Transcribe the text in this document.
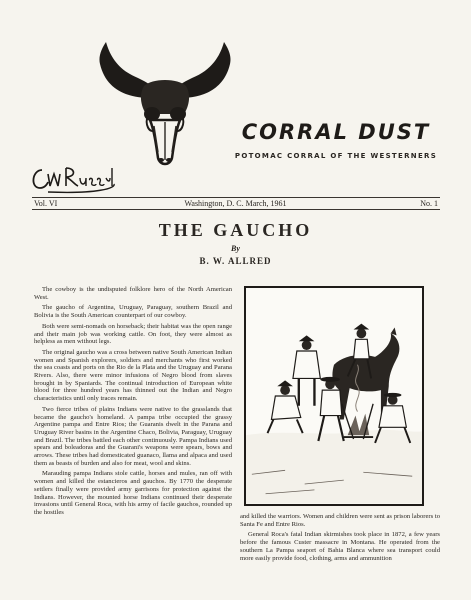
CORRAL DUST
POTOMAC CORRAL OF THE WESTERNERS
Vol. VI	Washington, D. C. March, 1961	No. 1
THE GAUCHO
By
B. W. ALLRED

The cowboy is the undisputed folklore hero of the North American West.

The gaucho of Argentina, Uruguay, Paraguay, southern Brazil and Bolivia is the South American counterpart of our cowboy.

Both were semi-nomads on horseback; their habitat was the open range and their main job was working cattle. On foot, they were almost as helpless as men without legs.

The original gaucho was a cross between native South American Indian women and Spanish explorers, soldiers and merchants who first worked the sea coasts and ports on the Rio de la Plata and the Uruguay and Parana Rivers. Also, there were minor infusions of Negro blood from slaves brought in by Spaniards. The continual introduction of European white blood for three hundred years has thinned out the Indian and Negro characteristics until only traces remain.

Two fierce tribes of plains Indians were native to the grasslands that became the gaucho's homeland. A pampa tribe occupied the grassy Argentine pampa and Entre Rios; the Guaranis dwelt in the Parana and Uruguay River basins in the Argentine Chaco, Bolivia, Paraguay, Uruguay and Brazil. The tribes battled each other continuously. Pampa Indians used spears and boleadoras and the Guarani's weapons were spears, bows and arrows. These tribes had domesticated guanaco, llama and alpaca and used them as beasts of burden and also for meat, wool and skins.

Marauding pampa Indians stole cattle, horses and mules, ran off with women and killed the estancieros and gauchos. By 1770 the desperate settlers finally were provided army garrisons for protection against the Indians. However, the mounted horse Indians continued their desperate invasions until General Roca, with his army of facile gauchos, rounded up the hostiles

and killed the warriors. Women and children were sent as prison laborers to Santa Fe and Entre Rios.

General Roca's fatal Indian skirmishes took place in 1872, a few years before the famous Custer massacre in Montana. He operated from the southern La Pampa seaport of Bahia Blanca where sea transport could more easily provide food, clothing, arms and ammunition
